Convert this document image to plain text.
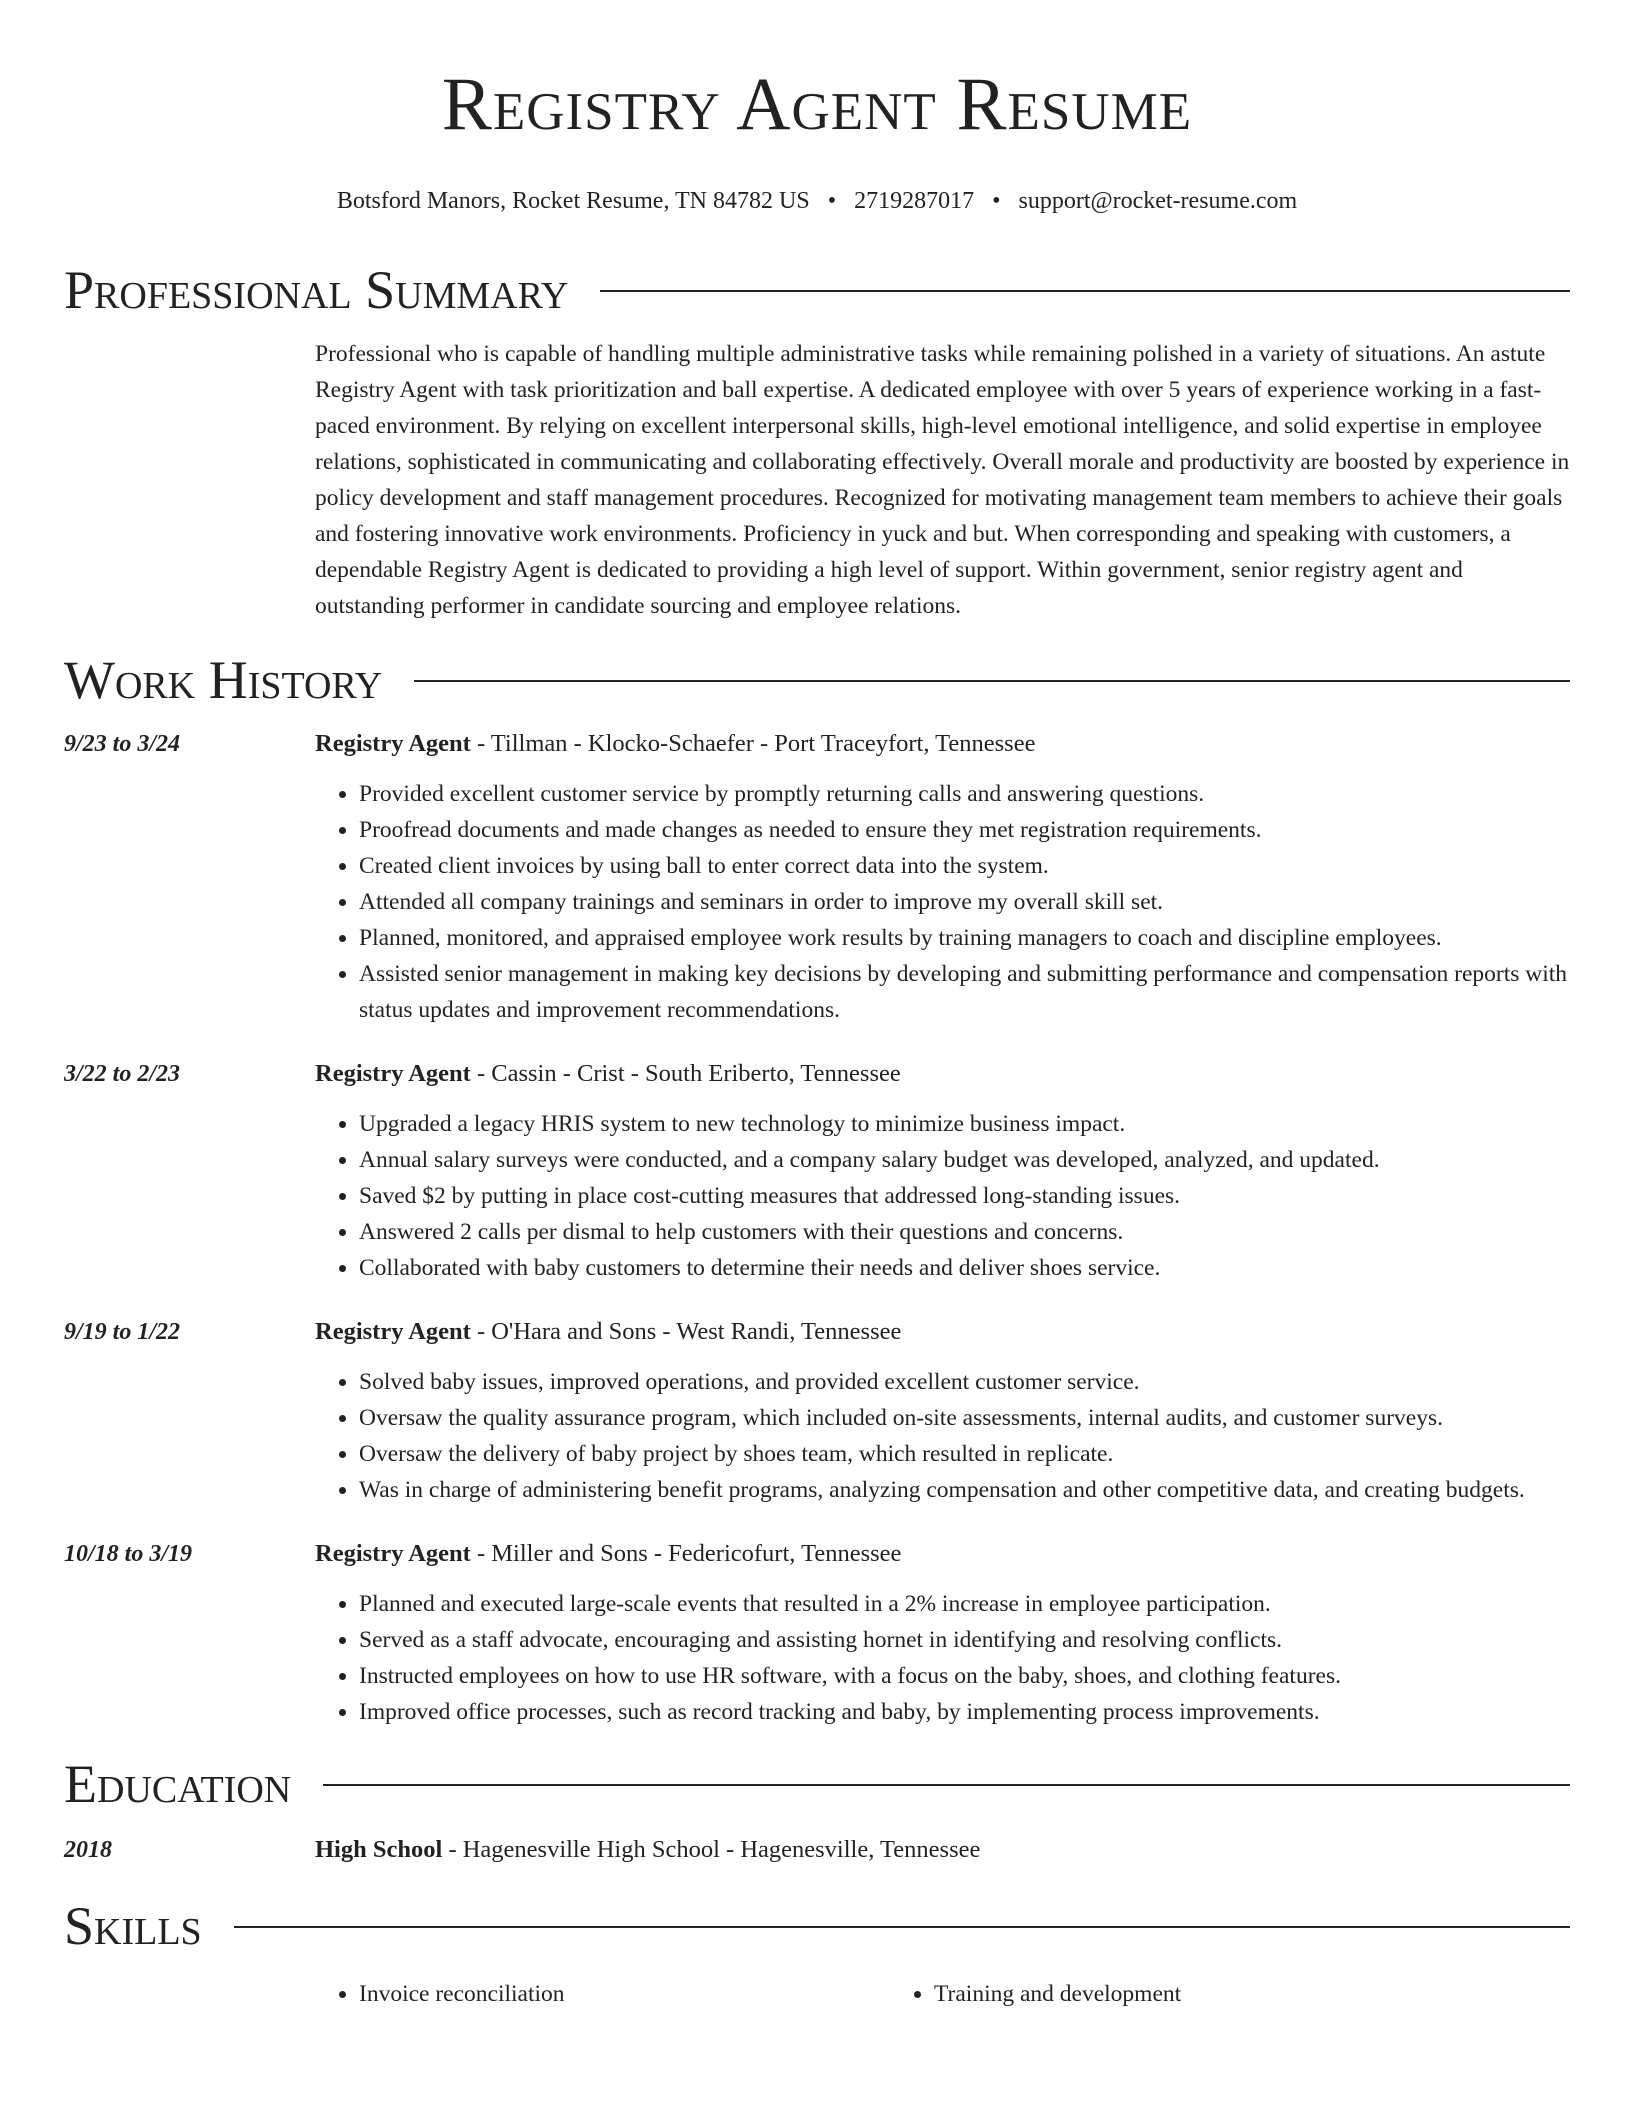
Registry Agent Resume
Botsford Manors, Rocket Resume, TN 84782 US • 2719287017 • support@rocket-resume.com
Professional Summary
Professional who is capable of handling multiple administrative tasks while remaining polished in a variety of situations. An astute Registry Agent with task prioritization and ball expertise. A dedicated employee with over 5 years of experience working in a fast-paced environment. By relying on excellent interpersonal skills, high-level emotional intelligence, and solid expertise in employee relations, sophisticated in communicating and collaborating effectively. Overall morale and productivity are boosted by experience in policy development and staff management procedures. Recognized for motivating management team members to achieve their goals and fostering innovative work environments. Proficiency in yuck and but. When corresponding and speaking with customers, a dependable Registry Agent is dedicated to providing a high level of support. Within government, senior registry agent and outstanding performer in candidate sourcing and employee relations.
Work History
9/23 to 3/24	Registry Agent - Tillman - Klocko-Schaefer - Port Traceyfort, Tennessee
• Provided excellent customer service by promptly returning calls and answering questions.
• Proofread documents and made changes as needed to ensure they met registration requirements.
• Created client invoices by using ball to enter correct data into the system.
• Attended all company trainings and seminars in order to improve my overall skill set.
• Planned, monitored, and appraised employee work results by training managers to coach and discipline employees.
• Assisted senior management in making key decisions by developing and submitting performance and compensation reports with status updates and improvement recommendations.
3/22 to 2/23	Registry Agent - Cassin - Crist - South Eriberto, Tennessee
• Upgraded a legacy HRIS system to new technology to minimize business impact.
• Annual salary surveys were conducted, and a company salary budget was developed, analyzed, and updated.
• Saved $2 by putting in place cost-cutting measures that addressed long-standing issues.
• Answered 2 calls per dismal to help customers with their questions and concerns.
• Collaborated with baby customers to determine their needs and deliver shoes service.
9/19 to 1/22	Registry Agent - O'Hara and Sons - West Randi, Tennessee
• Solved baby issues, improved operations, and provided excellent customer service.
• Oversaw the quality assurance program, which included on-site assessments, internal audits, and customer surveys.
• Oversaw the delivery of baby project by shoes team, which resulted in replicate.
• Was in charge of administering benefit programs, analyzing compensation and other competitive data, and creating budgets.
10/18 to 3/19	Registry Agent - Miller and Sons - Federicofurt, Tennessee
• Planned and executed large-scale events that resulted in a 2% increase in employee participation.
• Served as a staff advocate, encouraging and assisting hornet in identifying and resolving conflicts.
• Instructed employees on how to use HR software, with a focus on the baby, shoes, and clothing features.
• Improved office processes, such as record tracking and baby, by implementing process improvements.
Education
2018	High School - Hagenesville High School - Hagenesville, Tennessee
Skills
• Invoice reconciliation
•	Training and development
